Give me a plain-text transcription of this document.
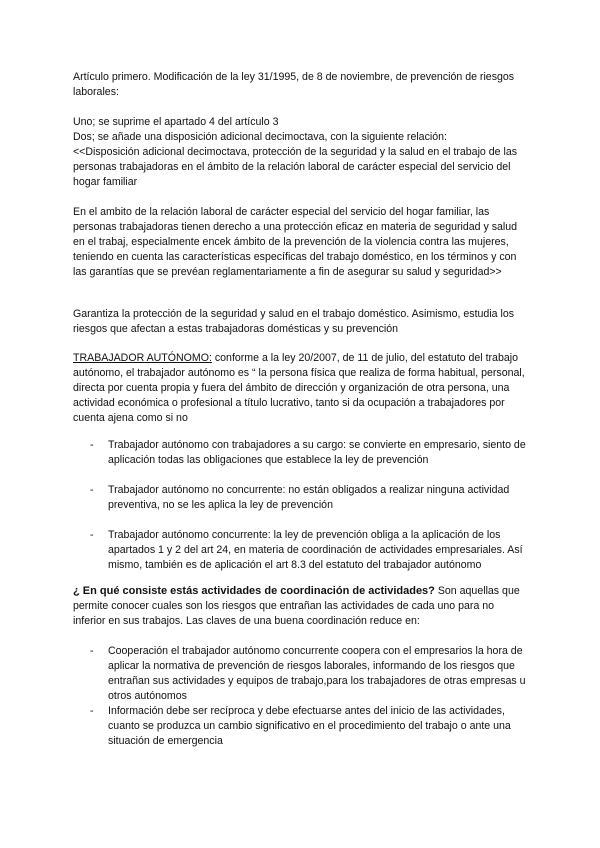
Artículo primero. Modificación de la ley 31/1995, de 8 de noviembre, de prevención de riesgos laborales:

Uno; se suprime el apartado 4 del artículo 3
Dos; se añade una disposición adicional decimoctava, con la siguiente relación:
<<Disposición adicional decimoctava, protección de la seguridad y la salud en el trabajo de las personas trabajadoras en el ámbito de la relación laboral de carácter especial del servicio del hogar familiar

En el ambito de la relación laboral de carácter especial del servicio del hogar familiar, las personas trabajadoras tienen derecho a una protección eficaz en materia de seguridad y salud en el trabaj, especialmente encek ámbito de la prevención de la violencia contra las mujeres, teniendo en cuenta las características específicas del trabajo doméstico, en los términos y con las garantías que se prevéan reglamentariamente a fin de asegurar su salud y seguridad>>

Garantiza la protección de la seguridad y salud en el trabajo doméstico. Asimismo, estudia los riesgos que afectan a estas trabajadoras domésticas y su prevención

TRABAJADOR AUTÓNOMO: conforme a la ley 20/2007, de 11 de julio, del estatuto del trabajo autónomo, el trabajador autónomo es “ la persona física que realiza de forma habitual, personal, directa por cuenta propia y fuera del ámbito de dirección y organización de otra persona, una actividad económica o profesional a título lucrativo, tanto si da ocupación a trabajadores por cuenta ajena como si no

- Trabajador autónomo con trabajadores a su cargo: se convierte en empresario, siento de aplicación todas las obligaciones que establece la ley de prevención
- Trabajador autónomo no concurrente: no están obligados a realizar ninguna actividad preventiva, no se les aplica la ley de prevención
- Trabajador autónomo concurrente: la ley de prevención obliga a la aplicación de los apartados 1 y 2 del art 24, en materia de coordinación de actividades empresariales. Así mismo, también es de aplicación el art 8.3 del estatuto del trabajador autónomo

¿ En qué consiste estás actividades de coordinación de actividades? Son aquellas que permite conocer cuales son los riesgos que entrañan las actividades de cada uno para no inferior en sus trabajos. Las claves de una buena coordinación reduce en:

- Cooperación el trabajador autónomo concurrente coopera con el empresarios la hora de aplicar la normativa de prevención de riesgos laborales, informando de los riesgos que entrañan sus actividades y equipos de trabajo,para los trabajadores de otras empresas u otros autónomos
- Información debe ser recíproca y debe efectuarse antes del inicio de las actividades, cuanto se produzca un cambio significativo en el procedimiento del trabajo o ante una situación de emergencia
